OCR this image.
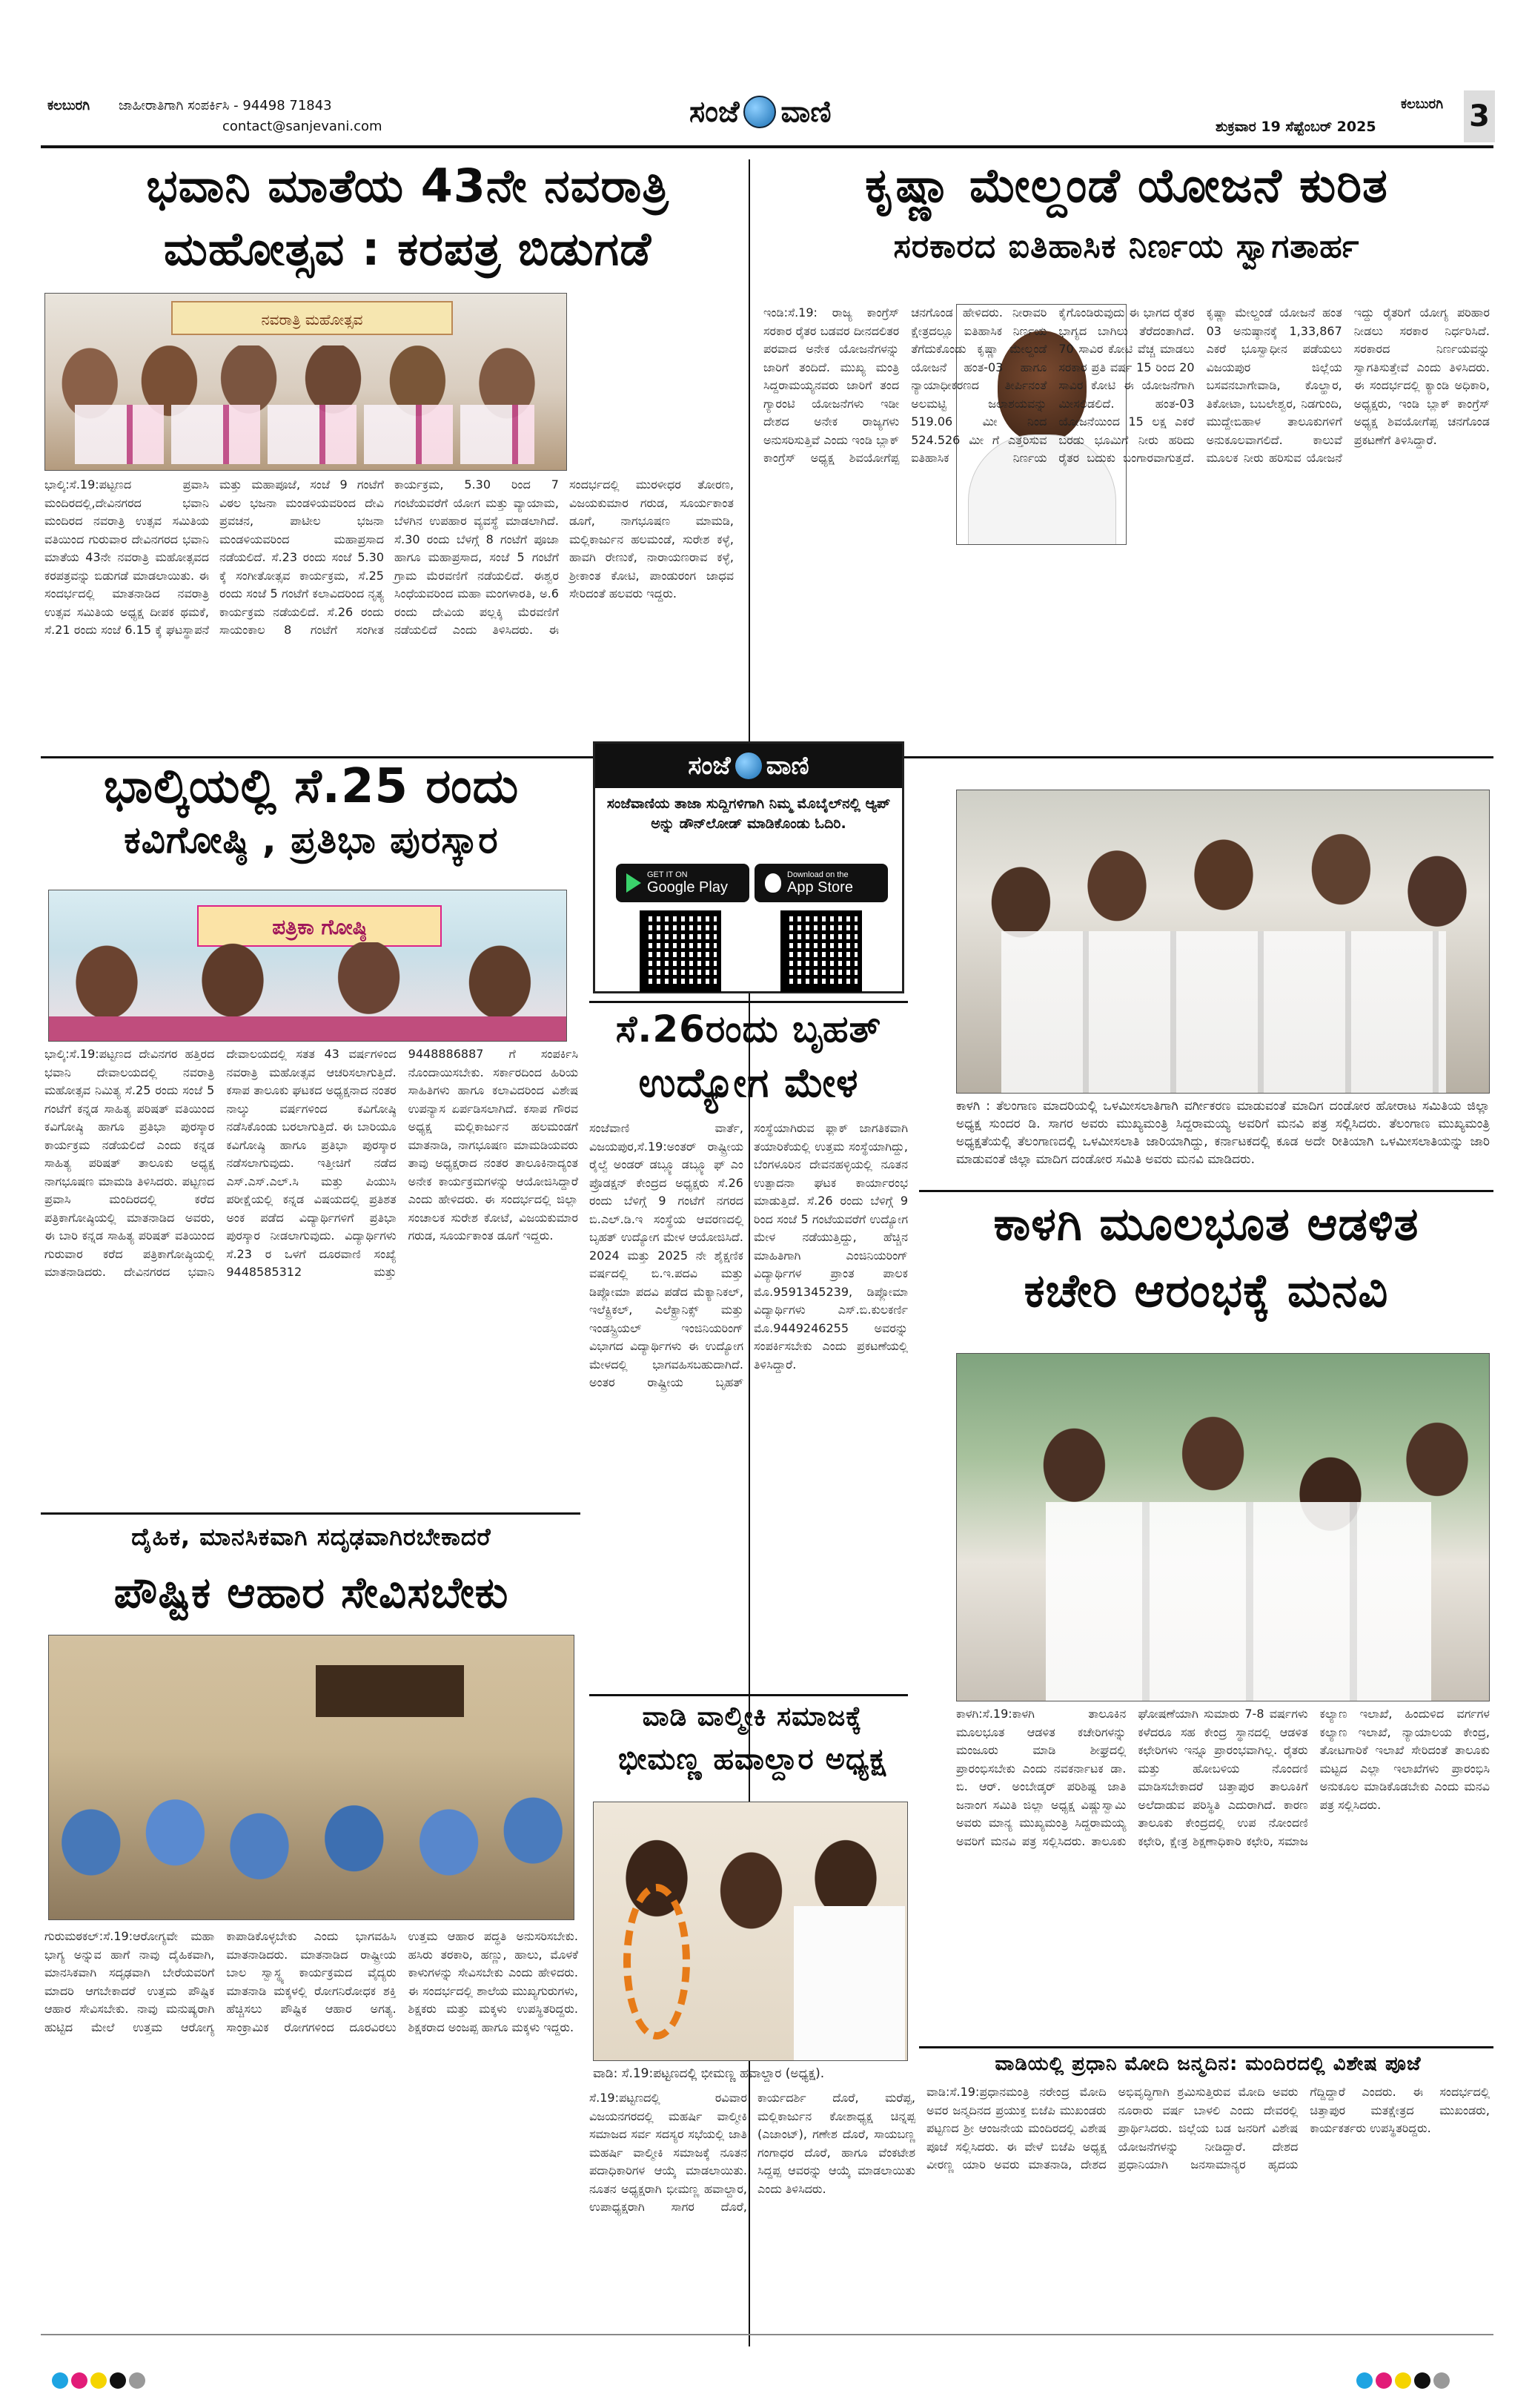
ಕಲಬುರಗಿ ಜಾಹೀರಾತಿಗಾಗಿ ಸಂಪರ್ಕಿಸಿ - 94498 71843
contact@sanjevani.com	ಸಂಜೆ ವಾಣಿ	ಕಲಬುರಗಿ
ಶುಕ್ರವಾರ 19 ಸೆಪ್ಟೆಂಬರ್ 2025	3
ಭವಾನಿ ಮಾತೆಯ 43ನೇ ನವರಾತ್ರಿ
ಮಹೋತ್ಸವ : ಕರಪತ್ರ ಬಿಡುಗಡೆ
ನವರಾತ್ರಿ ಮಹೋತ್ಸವ
ಭಾಲ್ಕಿ:ಸೆ.19:ಪಟ್ಟಣದ ಪ್ರವಾಸಿ ಮಂದಿರದಲ್ಲಿ,ದೇವಿನಗರದ ಭವಾನಿ ಮಂದಿರದ ನವರಾತ್ರಿ ಉತ್ಸವ ಸಮಿತಿಯ ವತಿಯಿಂದ ಗುರುವಾರ ದೇವಿನಗರದ ಭವಾನಿ ಮಾತೆಯ 43ನೇ ನವರಾತ್ರಿ ಮಹೋತ್ಸವದ ಕರಪತ್ರವನ್ನು ಬಿಡುಗಡೆ ಮಾಡಲಾಯಿತು. ಈ ಸಂದರ್ಭದಲ್ಲಿ ಮಾತನಾಡಿದ ನವರಾತ್ರಿ ಉತ್ಸವ ಸಮಿತಿಯ ಅಧ್ಯಕ್ಷ ದೀಪಕ ಥಮಕೆ, ಸೆ.21 ರಂದು ಸಂಜೆ 6.15 ಕ್ಕೆ ಘಟಸ್ಥಾಪನೆ ಮತ್ತು ಮಹಾಪೂಜೆ, ಸಂಜೆ 9 ಗಂಟೆಗೆ ವಿಠಲ ಭಜನಾ ಮಂಡಳಿಯವರಿಂದ ದೇವಿ ಪ್ರವಚನ, ಪಾಟೀಲ ಭಜನಾ ಮಂಡಳಿಯವರಿಂದ ಮಹಾಪ್ರಸಾದ ನಡೆಯಲಿದೆ. ಸೆ.23 ರಂದು ಸಂಜೆ 5.30 ಕ್ಕೆ ಸಂಗೀತೋತ್ಸವ ಕಾರ್ಯಕ್ರಮ, ಸೆ.25 ರಂದು ಸಂಜೆ 5 ಗಂಟೆಗೆ ಕಲಾವಿದರಿಂದ ನೃತ್ಯ ಕಾರ್ಯಕ್ರಮ ನಡೆಯಲಿದೆ. ಸೆ.26 ರಂದು ಸಾಯಂಕಾಲ 8 ಗಂಟೆಗೆ ಸಂಗೀತ ಕಾರ್ಯಕ್ರಮ, 5.30 ರಿಂದ 7 ಗಂಟೆಯವರೆಗೆ ಯೋಗ ಮತ್ತು ವ್ಯಾಯಾಮ, ಬೆಳಗಿನ ಉಪಹಾರ ವ್ಯವಸ್ಥೆ ಮಾಡಲಾಗಿದೆ. ಸೆ.30 ರಂದು ಬೆಳಗ್ಗೆ 8 ಗಂಟೆಗೆ ಪೂಜಾ ಹಾಗೂ ಮಹಾಪ್ರಸಾದ, ಸಂಜೆ 5 ಗಂಟೆಗೆ ಗ್ರಾಮ ಮೆರವಣಿಗೆ ನಡೆಯಲಿದೆ. ಈಶ್ವರ ಸಿಂಧೆಯವರಿಂದ ಮಹಾ ಮಂಗಳಾರತಿ, ಅ.6 ರಂದು ದೇವಿಯ ಪಲ್ಲಕ್ಕಿ ಮೆರವಣಿಗೆ ನಡೆಯಲಿದೆ ಎಂದು ತಿಳಿಸಿದರು. ಈ ಸಂದರ್ಭದಲ್ಲಿ ಮುರಳೀಧರ ತೋರಣ, ವಿಜಯಕುಮಾರ ಗರುಡ, ಸೂರ್ಯಕಾಂತ ಡೂಗೆ, ನಾಗಭೂಷಣ ಮಾಮಡಿ, ಮಲ್ಲಿಕಾರ್ಜುನ ಹಲಮಂಡೆ, ಸುರೇಶ ಕಳ್ಳೆ, ಹಾವಗಿ ರೇಣುಕೆ, ನಾರಾಯಣರಾವ ಕಳ್ಳೆ, ಶ್ರೀಕಾಂತ ಕೋಟಿ, ಪಾಂಡುರಂಗ ಜಾಧವ ಸೇರಿದಂತೆ ಹಲವರು ಇದ್ದರು.
ಕೃಷ್ಣಾ ಮೇಲ್ದಂಡೆ ಯೋಜನೆ ಕುರಿತ
ಸರಕಾರದ ಐತಿಹಾಸಿಕ ನಿರ್ಣಯ ಸ್ವಾಗತಾರ್ಹ
ಇಂಡಿ:ಸೆ.19: ರಾಜ್ಯ ಕಾಂಗ್ರೆಸ್ ಸರಕಾರ ರೈತರ ಬಡವರ ದೀನದಲಿತರ ಪರವಾದ ಅನೇಕ ಯೋಜನೆಗಳನ್ನು ಜಾರಿಗೆ ತಂದಿದೆ. ಮುಖ್ಯ ಮಂತ್ರಿ ಸಿದ್ದರಾಮಯ್ಯನವರು ಜಾರಿಗೆ ತಂದ ಗ್ಯಾರಂಟಿ ಯೋಜನೆಗಳು ಇಡೀ ದೇಶದ ಅನೇಕ ರಾಜ್ಯಗಳು ಅನುಸರಿಸುತ್ತಿವೆ ಎಂದು ಇಂಡಿ ಬ್ಲಾಕ್ ಕಾಂಗ್ರೆಸ್ ಅಧ್ಯಕ್ಷ ಶಿವಯೋಗೆಪ್ಪ ಚನಗೊಂಡ ಹೇಳಿದರು. ನೀರಾವರಿ ಕ್ಷೇತ್ರದಲ್ಲೂ ಐತಿಹಾಸಿಕ ನಿರ್ಣಯ ತೆಗೆದುಕೊಂಡು ಕೃಷ್ಣಾ ಮೇಲ್ದಂಡೆ ಯೋಜನೆ ಹಂತ-03 ಹಾಗೂ ನ್ಯಾಯಾಧೀಕರಣದ ತೀರ್ಪಿನಂತೆ ಅಲಮಟ್ಟಿ ಜಲಾಶಯವನ್ನು 519.06 ಮೀ ನಿಂದ 524.526 ಮೀ ಗೆ ಎತ್ತರಿಸುವ ಐತಿಹಾಸಿಕ ನಿರ್ಣಯ ಕೈಗೊಂಡಿರುವುದು ಈ ಭಾಗದ ರೈತರ ಭಾಗ್ಯದ ಬಾಗಿಲು ತೆರೆದಂತಾಗಿದೆ. 70 ಸಾವಿರ ಕೋಟಿ ವೆಚ್ಚ ಮಾಡಲು ಸರಕಾರ ಪ್ರತಿ ವರ್ಷ 15 ರಿಂದ 20 ಸಾವಿರ ಕೋಟಿ ಈ ಯೋಜನೆಗಾಗಿ ಮೀಸಲಿಡಲಿದೆ. ಹಂತ-03 ಯೋಜನೆಯಿಂದ 15 ಲಕ್ಷ ಎಕರೆ ಬರಡು ಭೂಮಿಗೆ ನೀರು ಹರಿದು ರೈತರ ಬದುಕು ಬಂಗಾರವಾಗುತ್ತದೆ. ಕೃಷ್ಣಾ ಮೇಲ್ದಂಡೆ ಯೋಜನೆ ಹಂತ 03 ಅನುಷ್ಠಾನಕ್ಕೆ 1,33,867 ಎಕರೆ ಭೂಸ್ವಾಧೀನ ಪಡೆಯಲು ವಿಜಯಪುರ ಜಿಲ್ಲೆಯ ಬಸವನಬಾಗೇವಾಡಿ, ಕೊಲ್ಹಾರ, ತಿಕೋಟಾ, ಬಬಲೇಶ್ವರ, ನಿಡಗುಂದಿ, ಮುದ್ದೇಬಿಹಾಳ ತಾಲೂಕುಗಳಿಗೆ ಅನುಕೂಲವಾಗಲಿದೆ. ಕಾಲುವೆ ಮೂಲಕ ನೀರು ಹರಿಸುವ ಯೋಜನೆ ಇದ್ದು ರೈತರಿಗೆ ಯೋಗ್ಯ ಪರಿಹಾರ ನೀಡಲು ಸರಕಾರ ನಿರ್ಧರಿಸಿದೆ. ಸರಕಾರದ ನಿರ್ಣಯವನ್ನು ಸ್ವಾಗತಿಸುತ್ತೇವೆ ಎಂದು ತಿಳಿಸಿದರು. ಈ ಸಂದರ್ಭದಲ್ಲಿ ಕ್ಯಾಂಡಿ ಅಧಿಕಾರಿ, ಅಧ್ಯಕ್ಷರು, ಇಂಡಿ ಬ್ಲಾಕ್ ಕಾಂಗ್ರೆಸ್ ಅಧ್ಯಕ್ಷ ಶಿವಯೋಗೆಪ್ಪ ಚನಗೊಂಡ ಪ್ರಕಟಣೆಗೆ ತಿಳಿಸಿದ್ದಾರೆ.
ಭಾಲ್ಕಿಯಲ್ಲಿ ಸೆ.25 ರಂದು
ಕವಿಗೋಷ್ಠಿ , ಪ್ರತಿಭಾ ಪುರಸ್ಕಾರ
ಪತ್ರಿಕಾ ಗೋಷ್ಠಿ
ಭಾಲ್ಕಿ:ಸೆ.19:ಪಟ್ಟಣದ ದೇವಿನಗರ ಹತ್ತಿರದ ಭವಾನಿ ದೇವಾಲಯದಲ್ಲಿ ನವರಾತ್ರಿ ಮಹೋತ್ಸವ ನಿಮಿತ್ಯ ಸೆ.25 ರಂದು ಸಂಜೆ 5 ಗಂಟೆಗೆ ಕನ್ನಡ ಸಾಹಿತ್ಯ ಪರಿಷತ್ ವತಿಯಿಂದ ಕವಿಗೋಷ್ಠಿ ಹಾಗೂ ಪ್ರತಿಭಾ ಪುರಸ್ಕಾರ ಕಾರ್ಯಕ್ರಮ ನಡೆಯಲಿದೆ ಎಂದು ಕನ್ನಡ ಸಾಹಿತ್ಯ ಪರಿಷತ್ ತಾಲೂಕು ಅಧ್ಯಕ್ಷ ನಾಗಭೂಷಣ ಮಾಮಡಿ ತಿಳಿಸಿದರು. ಪಟ್ಟಣದ ಪ್ರವಾಸಿ ಮಂದಿರದಲ್ಲಿ ಕರೆದ ಪತ್ರಿಕಾಗೋಷ್ಠಿಯಲ್ಲಿ ಮಾತನಾಡಿದ ಅವರು, ಈ ಬಾರಿ ಕನ್ನಡ ಸಾಹಿತ್ಯ ಪರಿಷತ್ ವತಿಯಿಂದ ಗುರುವಾರ ಕರೆದ ಪತ್ರಿಕಾಗೋಷ್ಠಿಯಲ್ಲಿ ಮಾತನಾಡಿದರು. ದೇವಿನಗರದ ಭವಾನಿ ದೇವಾಲಯದಲ್ಲಿ ಸತತ 43 ವರ್ಷಗಳಿಂದ ನವರಾತ್ರಿ ಮಹೋತ್ಸವ ಆಚರಿಸಲಾಗುತ್ತಿದೆ. ಕಸಾಪ ತಾಲೂಕು ಘಟಕದ ಅಧ್ಯಕ್ಷನಾದ ನಂತರ ನಾಲ್ಕು ವರ್ಷಗಳಿಂದ ಕವಿಗೋಷ್ಠಿ ನಡೆಸಿಕೊಂಡು ಬರಲಾಗುತ್ತಿದೆ. ಈ ಬಾರಿಯೂ ಕವಿಗೋಷ್ಠಿ ಹಾಗೂ ಪ್ರತಿಭಾ ಪುರಸ್ಕಾರ ನಡೆಸಲಾಗುವುದು. ಇತ್ತೀಚಿಗೆ ನಡೆದ ಎಸ್.ಎಸ್.ಎಲ್.ಸಿ ಮತ್ತು ಪಿಯುಸಿ ಪರೀಕ್ಷೆಯಲ್ಲಿ ಕನ್ನಡ ವಿಷಯದಲ್ಲಿ ಪ್ರತಿಶತ ಅಂಕ ಪಡೆದ ವಿದ್ಯಾರ್ಥಿಗಳಿಗೆ ಪ್ರತಿಭಾ ಪುರಸ್ಕಾರ ನೀಡಲಾಗುವುದು. ವಿದ್ಯಾರ್ಥಿಗಳು ಸೆ.23 ರ ಒಳಗೆ ದೂರವಾಣಿ ಸಂಖ್ಯೆ 9448585312 ಮತ್ತು 9448886887 ಗೆ ಸಂಪರ್ಕಿಸಿ ನೊಂದಾಯಿಸಬೇಕು. ಸರ್ಕಾರದಿಂದ ಹಿರಿಯ ಸಾಹಿತಿಗಳು ಹಾಗೂ ಕಲಾವಿದರಿಂದ ವಿಶೇಷ ಉಪನ್ಯಾಸ ಏರ್ಪಡಿಸಲಾಗಿದೆ. ಕಸಾಪ ಗೌರವ ಅಧ್ಯಕ್ಷ ಮಲ್ಲಿಕಾರ್ಜುನ ಹಲಮಂಡಗೆ ಮಾತನಾಡಿ, ನಾಗಭೂಷಣ ಮಾಮಡಿಯವರು ತಾವು ಅಧ್ಯಕ್ಷರಾದ ನಂತರ ತಾಲೂಕಿನಾದ್ಯಂತ ಅನೇಕ ಕಾರ್ಯಕ್ರಮಗಳನ್ನು ಆಯೋಜಿಸಿದ್ದಾರೆ ಎಂದು ಹೇಳಿದರು. ಈ ಸಂದರ್ಭದಲ್ಲಿ ಜಿಲ್ಲಾ ಸಂಚಾಲಕ ಸುರೇಶ ಕೋಟೆ, ವಿಜಯಕುಮಾರ ಗರುಡ, ಸೂರ್ಯಕಾಂತ ಡೂಗೆ ಇದ್ದರು.
ಸಂಜೆ ವಾಣಿ
ಸಂಜೆವಾಣಿಯ ತಾಜಾ ಸುದ್ದಿಗಳಿಗಾಗಿ ನಿಮ್ಮ ಮೊಬೈಲ್‌ನಲ್ಲಿ ಆ್ಯಪ್ ಅನ್ನು ಡೌನ್‌ಲೋಡ್ ಮಾಡಿಕೊಂಡು ಓದಿರಿ.
GET IT ON
Google Play
Download on the
App Store
ಸೆ.26ರಂದು ಬೃಹತ್
ಉದ್ಯೋಗ ಮೇಳ
ಸಂಜೆವಾಣಿ ವಾರ್ತೆ, ವಿಜಯಪುರ,ಸೆ.19:ಅಂತರ್ ರಾಷ್ಟ್ರೀಯ ರೈಲ್ವೆ ಅಂಡರ್ ಡಬ್ಲ್ಯೂ ಡಬ್ಲ್ಯೂ ಫ್ ಎಂ ಪ್ರೊಡಕ್ಷನ್ ಕೇಂದ್ರದ ಅಧ್ಯಕ್ಷರು ಸೆ.26 ರಂದು ಬೆಳಿಗ್ಗೆ 9 ಗಂಟೆಗೆ ನಗರದ ಬಿ.ಎಲ್.ಡಿ.ಇ ಸಂಸ್ಥೆಯ ಆವರಣದಲ್ಲಿ ಬೃಹತ್ ಉದ್ಯೋಗ ಮೇಳ ಆಯೋಜಿಸಿದೆ. 2024 ಮತ್ತು 2025 ನೇ ಶೈಕ್ಷಣಿಕ ವರ್ಷದಲ್ಲಿ ಬಿ.ಇ.ಪದವಿ ಮತ್ತು ಡಿಪ್ಲೋಮಾ ಪದವಿ ಪಡೆದ ಮೆಕ್ಯಾನಿಕಲ್, ಇಲೆಕ್ಟ್ರಿಕಲ್, ಎಲೆಕ್ಟ್ರಾನಿಕ್ಸ್ ಮತ್ತು ಇಂಡಸ್ಟ್ರಿಯಲ್ ಇಂಜಿನಿಯರಿಂಗ್ ವಿಭಾಗದ ವಿದ್ಯಾರ್ಥಿಗಳು ಈ ಉದ್ಯೋಗ ಮೇಳದಲ್ಲಿ ಭಾಗವಹಿಸಬಹುದಾಗಿದೆ. ಅಂತರ ರಾಷ್ಟ್ರೀಯ ಬೃಹತ್ ಸಂಸ್ಥೆಯಾಗಿರುವ ಫ್ಲಾಕ್ ಜಾಗತಿಕವಾಗಿ ತಯಾರಿಕೆಯಲ್ಲಿ ಉತ್ತಮ ಸಂಸ್ಥೆಯಾಗಿದ್ದು, ಬೆಂಗಳೂರಿನ ದೇವನಹಳ್ಳಿಯಲ್ಲಿ ನೂತನ ಉತ್ಪಾದನಾ ಘಟಕ ಕಾರ್ಯಾರಂಭ ಮಾಡುತ್ತಿದೆ. ಸೆ.26 ರಂದು ಬೆಳಿಗ್ಗೆ 9 ರಿಂದ ಸಂಜೆ 5 ಗಂಟೆಯವರೆಗೆ ಉದ್ಯೋಗ ಮೇಳ ನಡೆಯುತ್ತಿದ್ದು, ಹೆಚ್ಚಿನ ಮಾಹಿತಿಗಾಗಿ ಎಂಜಿನಿಯರಿಂಗ್ ವಿದ್ಯಾರ್ಥಿಗಳ ಪ್ರಾಂತ ಪಾಲಕ ಮೊ.9591345239, ಡಿಪ್ಲೋಮಾ ವಿದ್ಯಾರ್ಥಿಗಳು ಎಸ್.ಬಿ.ಕುಲಕರ್ಣಿ ಮೊ.9449246255 ಅವರನ್ನು ಸಂಪರ್ಕಿಸಬೇಕು ಎಂದು ಪ್ರಕಟಣೆಯಲ್ಲಿ ತಿಳಿಸಿದ್ದಾರೆ.
ಕಾಳಗಿ : ತೆಲಂಗಾಣ ಮಾದರಿಯಲ್ಲಿ ಒಳಮೀಸಲಾತಿಗಾಗಿ ವರ್ಗೀಕರಣ ಮಾಡುವಂತೆ ಮಾದಿಗ ದಂಡೋರ ಹೋರಾಟ ಸಮಿತಿಯ ಜಿಲ್ಲಾ ಅಧ್ಯಕ್ಷ ಸುಂದರ ಡಿ. ಸಾಗರ ಅವರು ಮುಖ್ಯಮಂತ್ರಿ ಸಿದ್ದರಾಮಯ್ಯ ಅವರಿಗೆ ಮನವಿ ಪತ್ರ ಸಲ್ಲಿಸಿದರು. ತೆಲಂಗಾಣ ಮುಖ್ಯಮಂತ್ರಿ ಅಧ್ಯಕ್ಷತೆಯಲ್ಲಿ ತೆಲಂಗಾಣದಲ್ಲಿ ಒಳಮೀಸಲಾತಿ ಜಾರಿಯಾಗಿದ್ದು, ಕರ್ನಾಟಕದಲ್ಲಿ ಕೂಡ ಅದೇ ರೀತಿಯಾಗಿ ಒಳಮೀಸಲಾತಿಯನ್ನು ಜಾರಿ ಮಾಡುವಂತೆ ಜಿಲ್ಲಾ ಮಾದಿಗ ದಂಡೋರ ಸಮಿತಿ ಅವರು ಮನವಿ ಮಾಡಿದರು.
ಕಾಳಗಿ ಮೂಲಭೂತ ಆಡಳಿತ
ಕಚೇರಿ ಆರಂಭಕ್ಕೆ ಮನವಿ
ಕಾಳಗಿ:ಸೆ.19:ಕಾಳಗಿ ತಾಲೂಕಿನ ಮೂಲಭೂತ ಆಡಳಿತ ಕಚೇರಿಗಳನ್ನು ಮಂಜೂರು ಮಾಡಿ ಶೀಘ್ರದಲ್ಲಿ ಪ್ರಾರಂಭಿಸಬೇಕು ಎಂದು ನವಕರ್ನಾಟಕ ಡಾ. ಬಿ. ಆರ್. ಅಂಬೇಡ್ಕರ್ ಪರಿಶಿಷ್ಟ ಜಾತಿ ಜನಾಂಗ ಸಮಿತಿ ಜಿಲ್ಲಾ ಅಧ್ಯಕ್ಷ ವಿಷ್ಣುಸ್ವಾಮಿ ಅವರು ಮಾನ್ಯ ಮುಖ್ಯಮಂತ್ರಿ ಸಿದ್ದರಾಮಯ್ಯ ಅವರಿಗೆ ಮನವಿ ಪತ್ರ ಸಲ್ಲಿಸಿದರು. ತಾಲೂಕು ಘೋಷಣೆಯಾಗಿ ಸುಮಾರು 7-8 ವರ್ಷಗಳು ಕಳೆದರೂ ಸಹ ಕೇಂದ್ರ ಸ್ಥಾನದಲ್ಲಿ ಆಡಳಿತ ಕಛೇರಿಗಳು ಇನ್ನೂ ಪ್ರಾರಂಭವಾಗಿಲ್ಲ. ರೈತರು ಮತ್ತು ಹೋಬಳಿಯ ನೊಂದಣಿ ಮಾಡಿಸಬೇಕಾದರೆ ಚಿತ್ತಾಪುರ ತಾಲೂಕಿಗೆ ಅಲೆದಾಡುವ ಪರಿಸ್ಥಿತಿ ಎದುರಾಗಿದೆ. ಕಾರಣ ತಾಲೂಕು ಕೇಂದ್ರದಲ್ಲಿ ಉಪ ನೋಂದಣಿ ಕಛೇರಿ, ಕ್ಷೇತ್ರ ಶಿಕ್ಷಣಾಧಿಕಾರಿ ಕಛೇರಿ, ಸಮಾಜ ಕಲ್ಯಾಣ ಇಲಾಖೆ, ಹಿಂದುಳಿದ ವರ್ಗಗಳ ಕಲ್ಯಾಣ ಇಲಾಖೆ, ನ್ಯಾಯಾಲಯ ಕೇಂದ್ರ, ತೋಟಗಾರಿಕೆ ಇಲಾಖೆ ಸೇರಿದಂತೆ ತಾಲೂಕು ಮಟ್ಟದ ಎಲ್ಲಾ ಇಲಾಖೆಗಳು ಪ್ರಾರಂಭಿಸಿ ಅನುಕೂಲ ಮಾಡಿಕೊಡಬೇಕು ಎಂದು ಮನವಿ ಪತ್ರ ಸಲ್ಲಿಸಿದರು.
ದೈಹಿಕ, ಮಾನಸಿಕವಾಗಿ ಸದೃಢವಾಗಿರಬೇಕಾದರೆ
ಪೌಷ್ಟಿಕ ಆಹಾರ ಸೇವಿಸಬೇಕು
ಗುರುಮಠಕಲ್:ಸೆ.19:ಆರೋಗ್ಯವೇ ಮಹಾ ಭಾಗ್ಯ ಅನ್ನುವ ಹಾಗೆ ನಾವು ದೈಹಿಕವಾಗಿ, ಮಾನಸಿಕವಾಗಿ ಸದೃಢವಾಗಿ ಬೇರೆಯವರಿಗೆ ಮಾದರಿ ಆಗಬೇಕಾದರೆ ಉತ್ತಮ ಪೌಷ್ಟಿಕ ಆಹಾರ ಸೇವಿಸಬೇಕು. ನಾವು ಮನುಷ್ಯರಾಗಿ ಹುಟ್ಟಿದ ಮೇಲೆ ಉತ್ತಮ ಆರೋಗ್ಯ ಕಾಪಾಡಿಕೊಳ್ಳಬೇಕು ಎಂದು ಭಾಗವಹಿಸಿ ಮಾತನಾಡಿದರು. ಮಾತನಾಡಿದ ರಾಷ್ಟ್ರೀಯ ಬಾಲ ಸ್ವಾಸ್ಥ್ಯ ಕಾರ್ಯಕ್ರಮದ ವೈದ್ಯರು ಮಾತನಾಡಿ ಮಕ್ಕಳಲ್ಲಿ ರೋಗನಿರೋಧಕ ಶಕ್ತಿ ಹೆಚ್ಚಿಸಲು ಪೌಷ್ಟಿಕ ಆಹಾರ ಅಗತ್ಯ. ಸಾಂಕ್ರಾಮಿಕ ರೋಗಗಳಿಂದ ದೂರವಿರಲು ಉತ್ತಮ ಆಹಾರ ಪದ್ಧತಿ ಅನುಸರಿಸಬೇಕು. ಹಸಿರು ತರಕಾರಿ, ಹಣ್ಣು, ಹಾಲು, ಮೊಳಕೆ ಕಾಳುಗಳನ್ನು ಸೇವಿಸಬೇಕು ಎಂದು ಹೇಳಿದರು. ಈ ಸಂದರ್ಭದಲ್ಲಿ ಶಾಲೆಯ ಮುಖ್ಯಗುರುಗಳು, ಶಿಕ್ಷಕರು ಮತ್ತು ಮಕ್ಕಳು ಉಪಸ್ಥಿತರಿದ್ದರು. ಶಿಕ್ಷಕರಾದ ಅಂಜಪ್ಪ ಹಾಗೂ ಮಕ್ಕಳು ಇದ್ದರು.
ವಾಡಿ ವಾಲ್ಮೀಕಿ ಸಮಾಜಕ್ಕೆ
ಭೀಮಣ್ಣ ಹವಾಲ್ದಾರ ಅಧ್ಯಕ್ಷ
ವಾಡಿ: ಸೆ.19:ಪಟ್ಟಣದಲ್ಲಿ ಭೀಮಣ್ಣ ಹವಾಲ್ದಾರ (ಅಧ್ಯಕ್ಷ).
ಸೆ.19:ಪಟ್ಟಣದಲ್ಲಿ ರವಿವಾರ ವಿಜಯನಗರದಲ್ಲಿ ಮಹರ್ಷಿ ವಾಲ್ಮೀಕಿ ಸಮಾಜದ ಸರ್ವ ಸದಸ್ಯರ ಸಭೆಯಲ್ಲಿ ಜಾತಿ ಮಹರ್ಷಿ ವಾಲ್ಮೀಕಿ ಸಮಾಜಕ್ಕೆ ನೂತನ ಪದಾಧಿಕಾರಿಗಳ ಆಯ್ಕೆ ಮಾಡಲಾಯಿತು. ನೂತನ ಅಧ್ಯಕ್ಷರಾಗಿ ಭೀಮಣ್ಣ ಹವಾಲ್ದಾರ, ಉಪಾಧ್ಯಕ್ಷರಾಗಿ ಸಾಗರ ದೊರೆ, ಕಾರ್ಯದರ್ಶಿ ದೊರೆ, ಮರೆಪ್ಪ, ಮಲ್ಲಿಕಾರ್ಜುನ ಕೋಶಾಧ್ಯಕ್ಷ ಚಿನ್ನಪ್ಪ (ಎಜಾಂಟ್), ಗಣೇಶ ದೊರೆ, ಸಾಯಬಣ್ಣ ಗಂಗಾಧರ ದೊರೆ, ಹಾಗೂ ವೆಂಕಟೇಶ ಸಿದ್ದಪ್ಪ ಆವರನ್ನು ಆಯ್ಕೆ ಮಾಡಲಾಯಿತು ಎಂದು ತಿಳಿಸಿದರು.
ವಾಡಿಯಲ್ಲಿ ಪ್ರಧಾನಿ ಮೋದಿ ಜನ್ಮದಿನ: ಮಂದಿರದಲ್ಲಿ ವಿಶೇಷ ಪೂಜೆ
ವಾಡಿ:ಸೆ.19:ಪ್ರಧಾನಮಂತ್ರಿ ನರೇಂದ್ರ ಮೋದಿ ಅವರ ಜನ್ಮದಿನದ ಪ್ರಯುಕ್ತ ಬಿಜೆಪಿ ಮುಖಂಡರು ಪಟ್ಟಣದ ಶ್ರೀ ಆಂಜನೇಯ ಮಂದಿರದಲ್ಲಿ ವಿಶೇಷ ಪೂಜೆ ಸಲ್ಲಿಸಿದರು. ಈ ವೇಳೆ ಬಿಜೆಪಿ ಅಧ್ಯಕ್ಷ ವೀರಣ್ಣ ಯಾರಿ ಅವರು ಮಾತನಾಡಿ, ದೇಶದ ಅಭಿವೃದ್ಧಿಗಾಗಿ ಶ್ರಮಿಸುತ್ತಿರುವ ಮೋದಿ ಅವರು ನೂರಾರು ವರ್ಷ ಬಾಳಲಿ ಎಂದು ದೇವರಲ್ಲಿ ಪ್ರಾರ್ಥಿಸಿದರು. ಜಿಲ್ಲೆಯ ಬಡ ಜನರಿಗೆ ವಿಶೇಷ ಯೋಜನೆಗಳನ್ನು ನೀಡಿದ್ದಾರೆ. ದೇಶದ ಪ್ರಧಾನಿಯಾಗಿ ಜನಸಾಮಾನ್ಯರ ಹೃದಯ ಗೆದ್ದಿದ್ದಾರೆ ಎಂದರು. ಈ ಸಂದರ್ಭದಲ್ಲಿ ಚಿತ್ತಾಪುರ ಮತಕ್ಷೇತ್ರದ ಮುಖಂಡರು, ಕಾರ್ಯಕರ್ತರು ಉಪಸ್ಥಿತರಿದ್ದರು.
